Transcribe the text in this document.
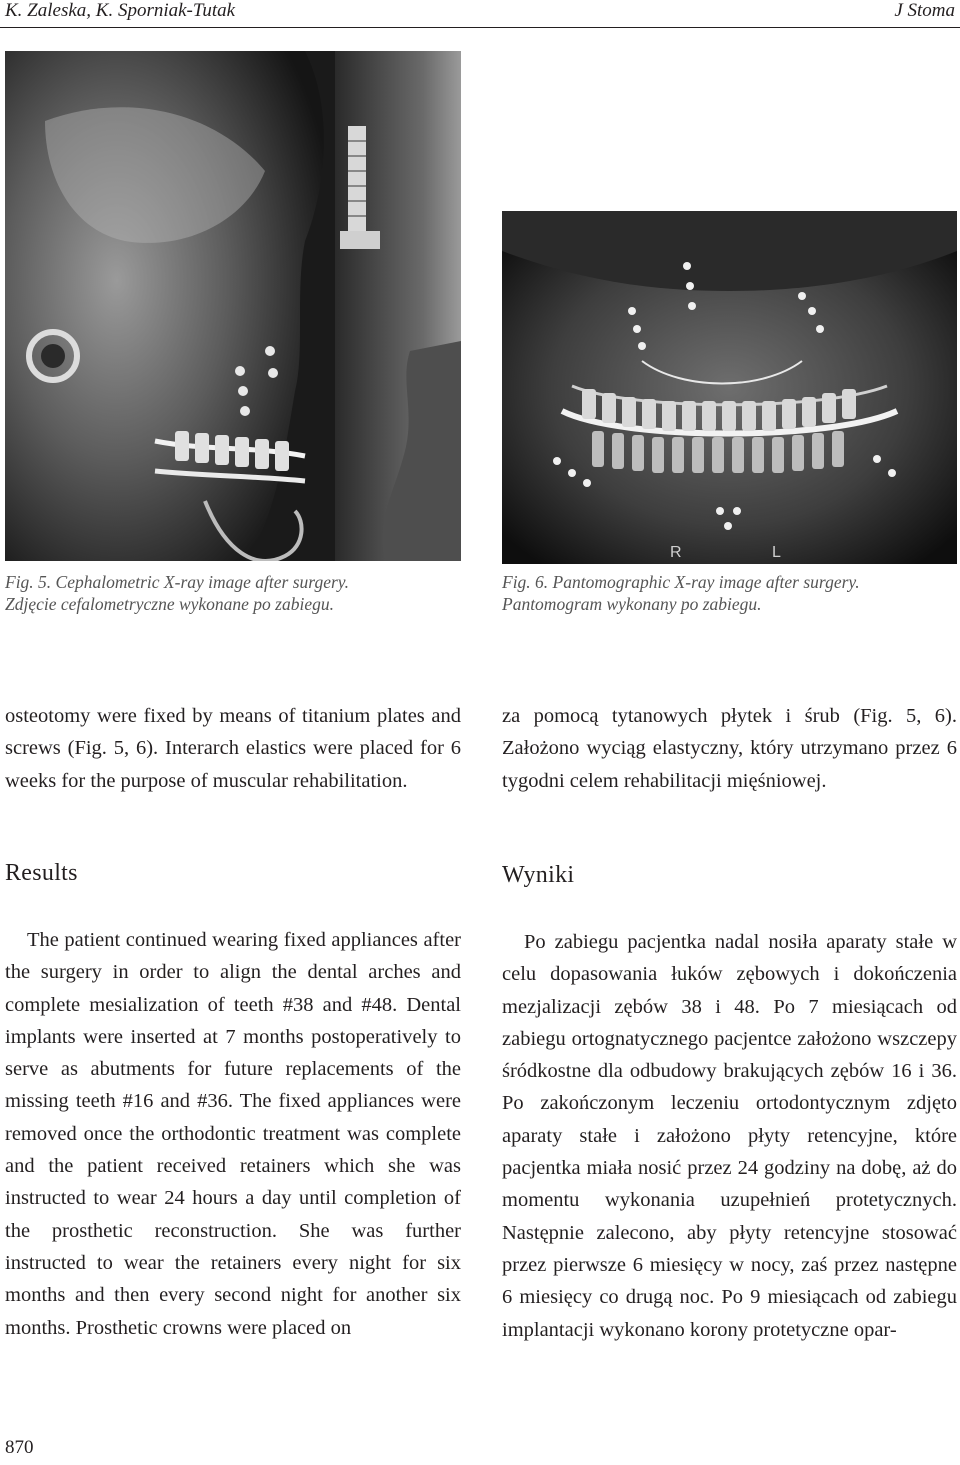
K. Zaleska, K. Sporniak-Tutak	J Stoma
R	L
Fig. 5. Cephalometric X-ray image after surgery.
Zdjęcie cefalometryczne wykonane po zabiegu.
Fig. 6. Pantomographic X-ray image after surgery.
Pantomogram wykonany po zabiegu.

osteotomy were fixed by means of titanium plates and screws (Fig. 5, 6). Interarch elastics were placed for 6 weeks for the purpose of muscular rehabilitation.

Results

The patient continued wearing fixed appliances after the surgery in order to align the dental arches and complete mesialization of teeth #38 and #48. Dental implants were inserted at 7 months postoperatively to serve as abutments for future replacements of the missing teeth #16 and #36. The fixed appliances were removed once the orthodontic treatment was complete and the patient received retainers which she was instructed to wear 24 hours a day until completion of the prosthetic reconstruction. She was further instructed to wear the retainers every night for six months and then every second night for another six months. Prosthetic crowns were placed on

za pomocą tytanowych płytek i śrub (Fig. 5, 6). Założono wyciąg elastyczny, który utrzymano przez 6 tygodni celem rehabilitacji mięśniowej.

Wyniki

Po zabiegu pacjentka nadal nosiła aparaty stałe w celu dopasowania łuków zębowych i dokończenia mezjalizacji zębów 38 i 48. Po 7 miesiącach od zabiegu ortognatycznego pacjentce założono wszczepy śródkostne dla odbudowy brakujących zębów 16 i 36. Po zakończonym leczeniu ortodontycznym zdjęto aparaty stałe i założono płyty retencyjne, które pacjentka miała nosić przez 24 godziny na dobę, aż do momentu wykonania uzupełnień protetycznych. Następnie zalecono, aby płyty retencyjne stosować przez pierwsze 6 miesięcy w nocy, zaś przez następne 6 miesięcy co drugą noc. Po 9 miesiącach od zabiegu implantacji wykonano korony protetyczne opar-

870
